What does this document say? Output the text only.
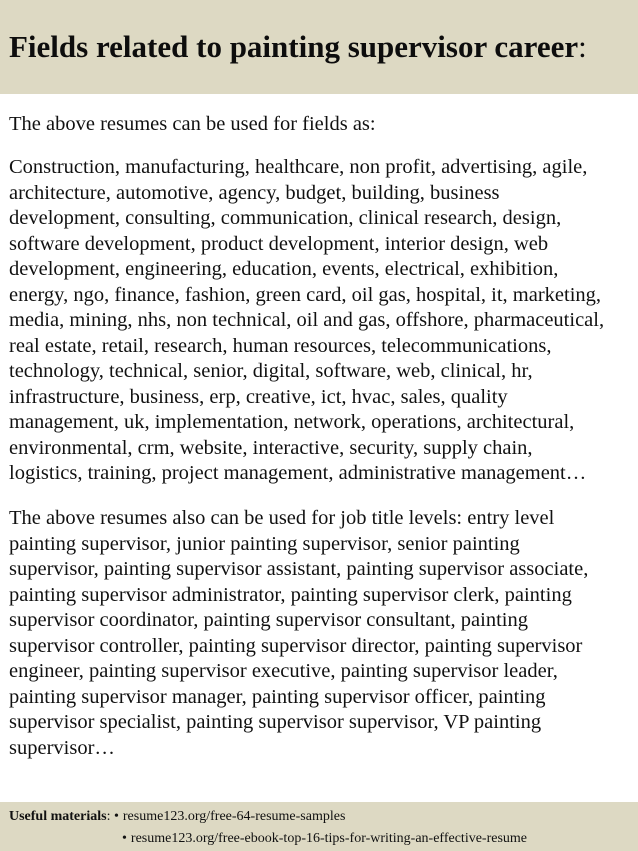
Fields related to painting supervisor career:

The above resumes can be used for fields as:

Construction, manufacturing, healthcare, non profit, advertising, agile,
architecture, automotive, agency, budget, building, business
development, consulting, communication, clinical research, design,
software development, product development, interior design, web
development, engineering, education, events, electrical, exhibition,
energy, ngo, finance, fashion, green card, oil gas, hospital, it, marketing,
media, mining, nhs, non technical, oil and gas, offshore, pharmaceutical,
real estate, retail, research, human resources, telecommunications,
technology, technical, senior, digital, software, web, clinical, hr,
infrastructure, business, erp, creative, ict, hvac, sales, quality
management, uk, implementation, network, operations, architectural,
environmental, crm, website, interactive, security, supply chain,
logistics, training, project management, administrative management…

The above resumes also can be used for job title levels: entry level
painting supervisor, junior painting supervisor, senior painting
supervisor, painting supervisor assistant, painting supervisor associate,
painting supervisor administrator, painting supervisor clerk, painting
supervisor coordinator, painting supervisor consultant, painting
supervisor controller, painting supervisor director, painting supervisor
engineer, painting supervisor executive, painting supervisor leader,
painting supervisor manager, painting supervisor officer, painting
supervisor specialist, painting supervisor supervisor, VP painting
supervisor…

Useful materials: • resume123.org/free-64-resume-samples
• resume123.org/free-ebook-top-16-tips-for-writing-an-effective-resume
